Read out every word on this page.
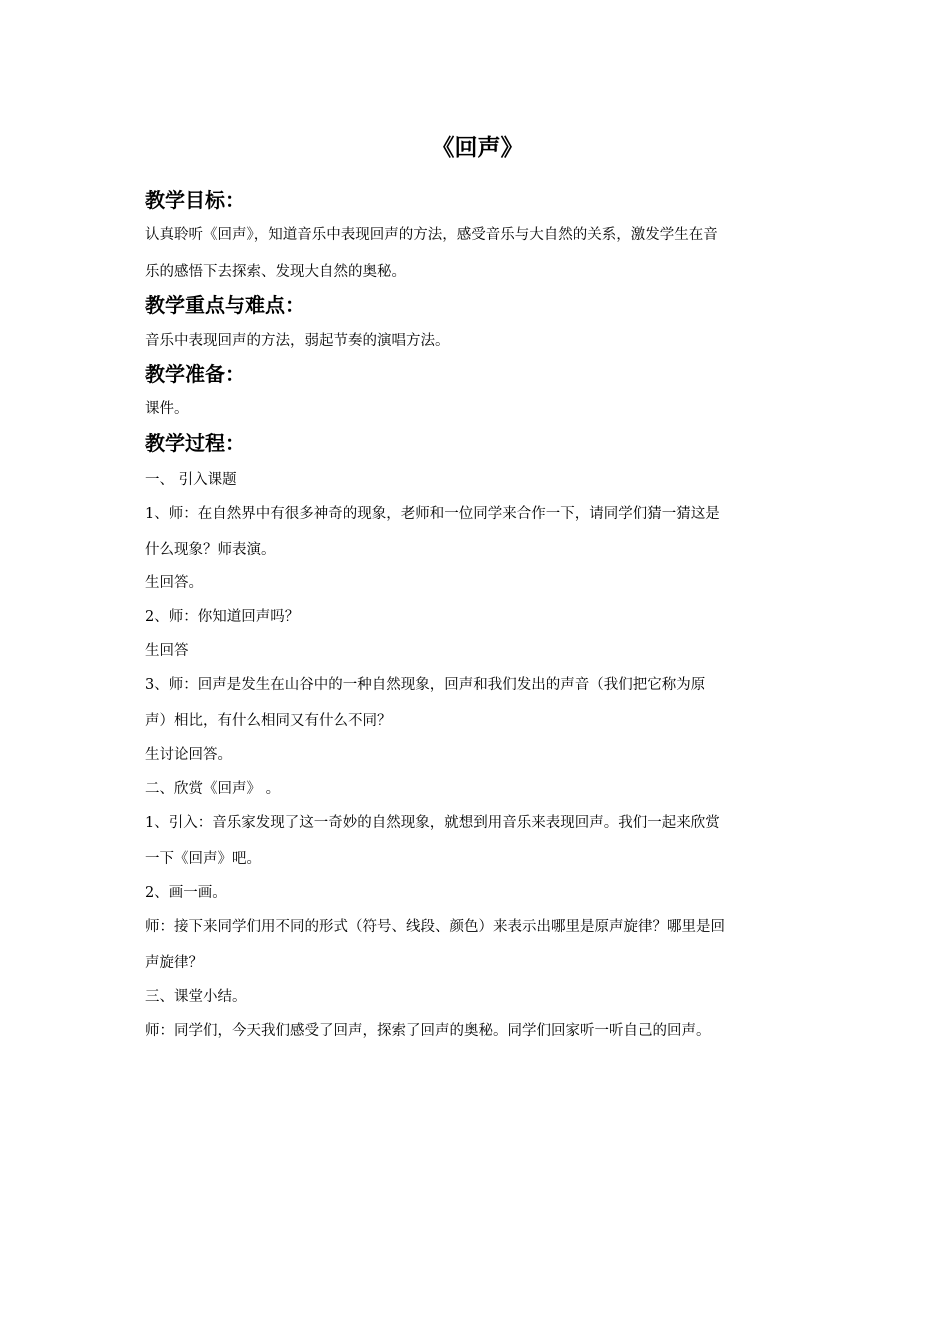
《回声》
教学目标：

认真聆听《回声》，知道音乐中表现回声的方法，感受音乐与大自然的关系，激发学生在音

乐的感悟下去探索、发现大自然的奥秘。

教学重点与难点：

音乐中表现回声的方法，弱起节奏的演唱方法。

教学准备：

课件。

教学过程：

一、 引入课题

1、师：在自然界中有很多神奇的现象，老师和一位同学来合作一下，请同学们猜一猜这是

什么现象？师表演。

生回答。

2、师：你知道回声吗？

生回答

3、师：回声是发生在山谷中的一种自然现象，回声和我们发出的声音（我们把它称为原

声）相比，有什么相同又有什么不同？

生讨论回答。

二、欣赏《回声》 。

1、引入：音乐家发现了这一奇妙的自然现象，就想到用音乐来表现回声。我们一起来欣赏

一下《回声》吧。

2、画一画。

师：接下来同学们用不同的形式（符号、线段、颜色）来表示出哪里是原声旋律？哪里是回

声旋律？

三、课堂小结。

师：同学们，今天我们感受了回声，探索了回声的奥秘。同学们回家听一听自己的回声。
